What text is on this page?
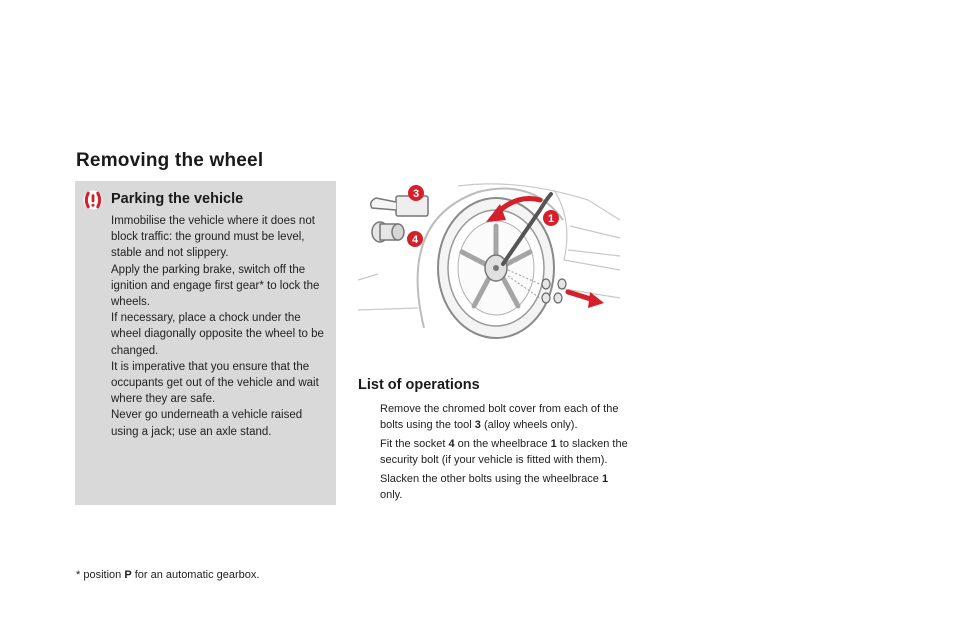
Removing the wheel
Parking the vehicle

Immobilise the vehicle where it does not block traffic: the ground must be level, stable and not slippery.

Apply the parking brake, switch off the ignition and engage first gear* to lock the wheels.

If necessary, place a chock under the wheel diagonally opposite the wheel to be changed.

It is imperative that you ensure that the occupants get out of the vehicle and wait where they are safe.

Never go underneath a vehicle raised using a jack; use an axle stand.

* position P for an automatic gearbox.
3
4
1
List of operations
Remove the chromed bolt cover from each of the bolts using the tool 3 (alloy wheels only).
Fit the socket 4 on the wheelbrace 1 to slacken the security bolt (if your vehicle is fitted with them).
Slacken the other bolts using the wheelbrace 1 only.
